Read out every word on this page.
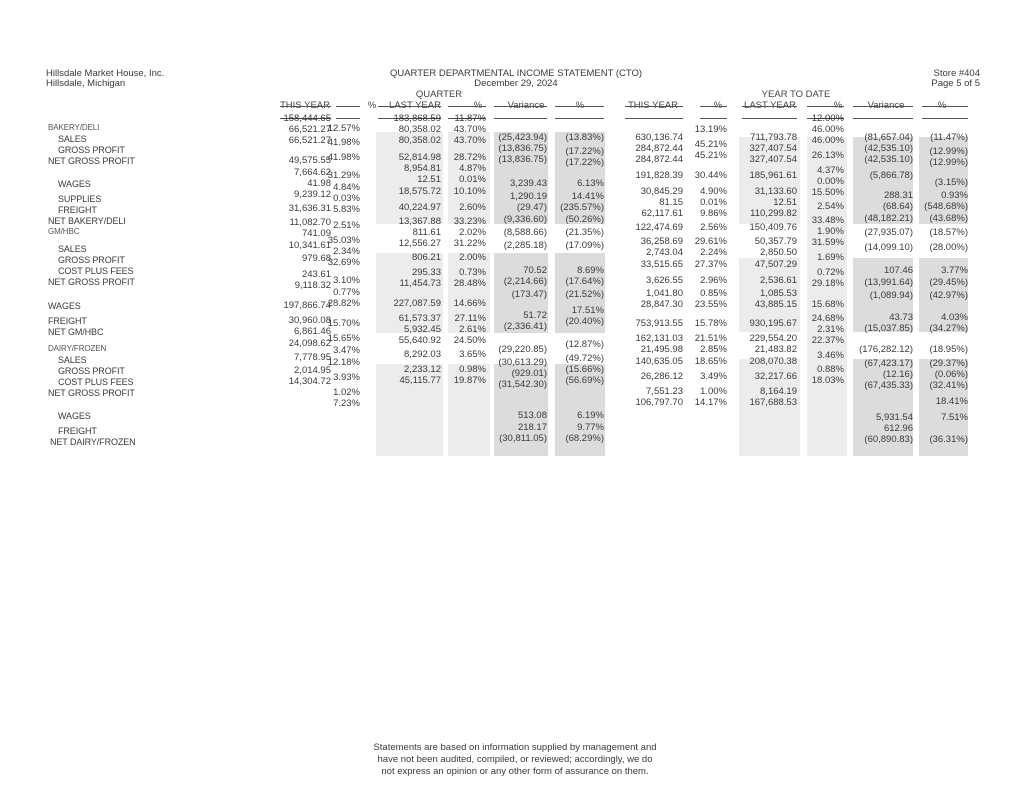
Hillsdale Market House, Inc.
Hillsdale, Michigan
QUARTER DEPARTMENTAL INCOME STATEMENT (CTO)
December 29, 2024
Store #404
Page 5 of 5
QUARTER	YEAR TO DATE
BAKERY/DELI
SALES
GROSS PROFIT
NET GROSS PROFIT
WAGES
SUPPLIES
FREIGHT
NET BAKERY/DELI
GM/HBC
SALES
GROSS PROFIT
COST PLUS FEES
NET GROSS PROFIT
WAGES
FREIGHT
NET GM/HBC
DAIRY/FROZEN
SALES
GROSS PROFIT
COST PLUS FEES
NET GROSS PROFIT
WAGES
FREIGHT
NET DAIRY/FROZEN
%
158,444.65
66,521.27
66,521.27
49,575.55
7,664.62
41.98
9,239.12
31,636.31
11,082.70
741.09
10,341.61
979.68
243.61
9,118.32
197,866.74
30,960.08
6,861.46
24,098.62
7,778.95
2,014.95
14,304.72
12.57%
41.98%
41.98%
31.29%
4.84%
0.03%
5.83%
2.51%
35.03%
2.34%
32.69%
3.10%
0.77%
28.82%
15.70%
15.65%
3.47%
12.18%
3.93%
1.02%
7.23%
183,868.59
80,358.02
80,358.02
52,814.98
8,954.81
12.51
18,575.72
40,224.97
13,367.88
811.61
12,556.27
806.21
295.33
11,454.73
227,087.59
61,573.37
5,932.45
55,640.92
8,292.03
2,233.12
45,115.77
11.87%
43.70%
43.70%
28.72%
4.87%
0.01%
10.10%
2.60%
33.23%
2.02%
31.22%
2.00%
0.73%
28.48%
14.66%
27.11%
2.61%
24.50%
3.65%
0.98%
19.87%
(25,423.94)
(13,836.75)
(13,836.75)
3,239.43
1,290.19
(29.47)
(9,336.60)
(8,588.66)
(2,285.18)
70.52
(2,214.66)
(173.47)
51.72
(2,336.41)
(29,220.85)
(30,613.29)
(929.01)
(31,542.30)
513.08
218.17
(30,811.05)
(13.83%)
(17.22%)
(17.22%)
6.13%
14.41%
(235.57%)
(50.26%)
(21.35%)
(17.09%)
8.69%
(17.64%)
(21.52%)
17.51%
(20.40%)
(12.87%)
(49.72%)
(15.66%)
(56.69%)
6.19%
9.77%
(68.29%)
630,136.74
284,872.44
284,872.44
191,828.39
30,845.29
81.15
62,117.61
122,474.69
36,258.69
2,743.04
33,515.65
3,626.55
1,041.80
28,847.30
753,913.55
162,131.03
21,495.98
140,635.05
26,286.12
7,551.23
106,797.70
13.19%
45.21%
45.21%
30.44%
4.90%
0.01%
9.86%
2.56%
29.61%
2.24%
27.37%
2.96%
0.85%
23.55%
15.78%
21.51%
2.85%
18.65%
3.49%
1.00%
14.17%
711,793.78
327,407.54
327,407.54
185,961.61
31,133.60
12.51
110,299.82
150,409.76
50,357.79
2,850.50
47,507.29
2,536.61
1,085.53
43,885.15
930,195.67
229,554.20
21,483.82
208,070.38
32,217.66
8,164.19
167,688.53
12.00%
46.00%
46.00%
26.13%
4.37%
0.00%
15.50%
2.54%
33.48%
1.90%
31.59%
1.69%
0.72%
29.18%
15.68%
24.68%
2.31%
22.37%
3.46%
0.88%
18.03%
(81,657.04)
(42,535.10)
(42,535.10)
(5,866.78)
288.31
(68.64)
(48,182.21)
(27,935.07)
(14,099.10)
107.46
(13,991.64)
(1,089.94)
43.73
(15,037.85)
(176,282.12)
(67,423.17)
(12.16)
(67,435.33)
5,931.54
612.96
(60,890.83)
(11.47%)
(12.99%)
(12.99%)
(3.15%)
0.93%
(548.68%)
(43.68%)
(18.57%)
(28.00%)
3.77%
(29.45%)
(42.97%)
4.03%
(34.27%)
(18.95%)
(29.37%)
(0.06%)
(32.41%)
18.41%
7.51%
(36.31%)
Statements are based on information supplied by management and
have not been audited, compiled, or reviewed; accordingly, we do
not express an opinion or any other form of assurance on them.
